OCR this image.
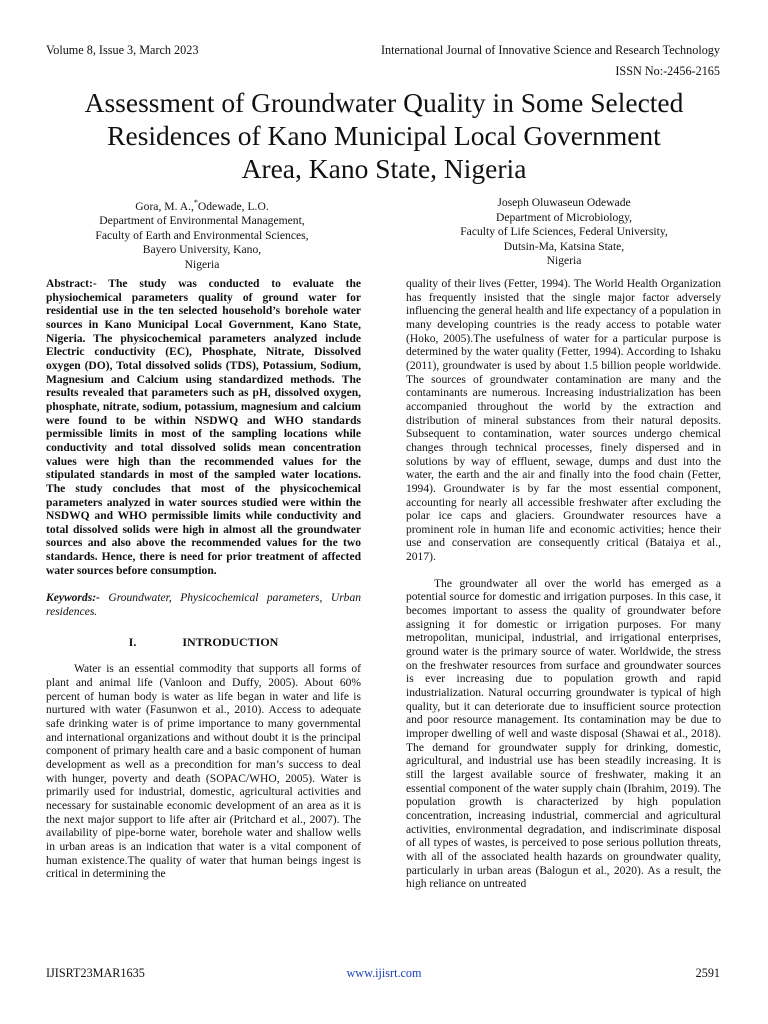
Volume 8, Issue 3, March 2023	International Journal of Innovative Science and Research Technology
ISSN No:-2456-2165
Assessment of Groundwater Quality in Some Selected
Residences of Kano Municipal Local Government
Area, Kano State, Nigeria
Gora, M. A.,*Odewade, L.O.
Department of Environmental Management,
Faculty of Earth and Environmental Sciences,
Bayero University, Kano,
Nigeria
Joseph Oluwaseun Odewade
Department of Microbiology,
Faculty of Life Sciences, Federal University,
Dutsin-Ma, Katsina State,
Nigeria

Abstract:- The study was conducted to evaluate the physiochemical parameters quality of ground water for residential use in the ten selected household’s borehole water sources in Kano Municipal Local Government, Kano State, Nigeria. The physicochemical parameters analyzed include Electric conductivity (EC), Phosphate, Nitrate, Dissolved oxygen (DO), Total dissolved solids (TDS), Potassium, Sodium, Magnesium and Calcium using standardized methods. The results revealed that parameters such as pH, dissolved oxygen, phosphate, nitrate, sodium, potassium, magnesium and calcium were found to be within NSDWQ and WHO standards permissible limits in most of the sampling locations while conductivity and total dissolved solids mean concentration values were high than the recommended values for the stipulated standards in most of the sampled water locations. The study concludes that most of the physicochemical parameters analyzed in water sources studied were within the NSDWQ and WHO permissible limits while conductivity and total dissolved solids were high in almost all the groundwater sources and also above the recommended values for the two standards. Hence, there is need for prior treatment of affected water sources before consumption.

Keywords:- Groundwater, Physicochemical parameters, Urban residences.

I.	INTRODUCTION

Water is an essential commodity that supports all forms of plant and animal life (Vanloon and Duffy, 2005). About 60% percent of human body is water as life began in water and life is nurtured with water (Fasunwon et al., 2010). Access to adequate safe drinking water is of prime importance to many governmental and international organizations and without doubt it is the principal component of primary health care and a basic component of human development as well as a precondition for man’s success to deal with hunger, poverty and death (SOPAC/WHO, 2005). Water is primarily used for industrial, domestic, agricultural activities and necessary for sustainable economic development of an area as it is the next major support to life after air (Pritchard et al., 2007). The availability of pipe-borne water, borehole water and shallow wells in urban areas is an indication that water is a vital component of human existence.The quality of water that human beings ingest is critical in determining the

quality of their lives (Fetter, 1994). The World Health Organization has frequently insisted that the single major factor adversely influencing the general health and life expectancy of a population in many developing countries is the ready access to potable water (Hoko, 2005).The usefulness of water for a particular purpose is determined by the water quality (Fetter, 1994). According to Ishaku (2011), groundwater is used by about 1.5 billion people worldwide. The sources of groundwater contamination are many and the contaminants are numerous. Increasing industrialization has been accompanied throughout the world by the extraction and distribution of mineral substances from their natural deposits. Subsequent to contamination, water sources undergo chemical changes through technical processes, finely dispersed and in solutions by way of effluent, sewage, dumps and dust into the water, the earth and the air and finally into the food chain (Fetter, 1994). Groundwater is by far the most essential component, accounting for nearly all accessible freshwater after excluding the polar ice caps and glaciers. Groundwater resources have a prominent role in human life and economic activities; hence their use and conservation are consequently critical (Bataiya et al., 2017).

The groundwater all over the world has emerged as a potential source for domestic and irrigation purposes. In this case, it becomes important to assess the quality of groundwater before assigning it for domestic or irrigation purposes. For many metropolitan, municipal, industrial, and irrigational enterprises, ground water is the primary source of water. Worldwide, the stress on the freshwater resources from surface and groundwater sources is ever increasing due to population growth and rapid industrialization. Natural occurring groundwater is typical of high quality, but it can deteriorate due to insufficient source protection and poor resource management. Its contamination may be due to improper dwelling of well and waste disposal (Shawai et al., 2018). The demand for groundwater supply for drinking, domestic, agricultural, and industrial use has been steadily increasing. It is still the largest available source of freshwater, making it an essential component of the water supply chain (Ibrahim, 2019). The population growth is characterized by high population concentration, increasing industrial, commercial and agricultural activities, environmental degradation, and indiscriminate disposal of all types of wastes, is perceived to pose serious pollution threats, with all of the associated health hazards on groundwater quality, particularly in urban areas (Balogun et al., 2020). As a result, the high reliance on untreated

IJISRT23MAR1635	www.ijisrt.com	2591
